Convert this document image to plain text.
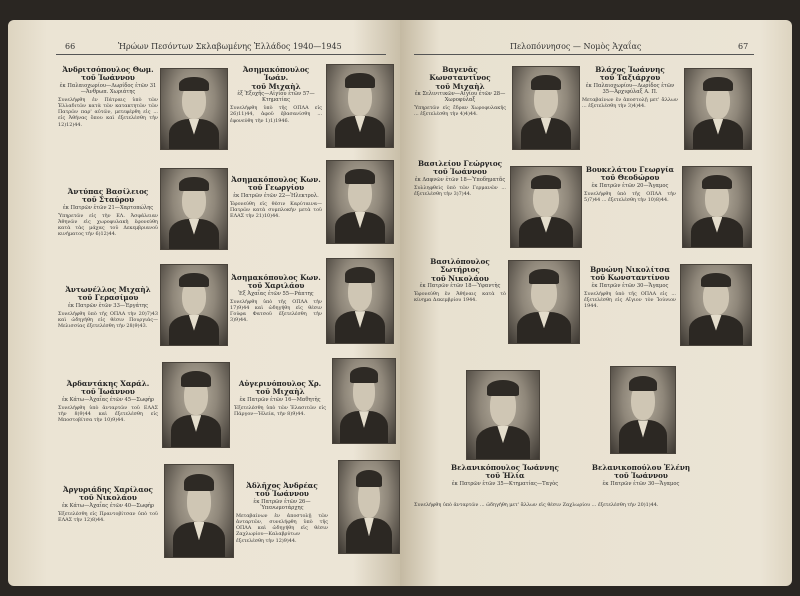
66	Ἡρώων Πεσόντων Σκλαβωμένης Ἑλλάδος 1940—1945
Ἀνδριτσόπουλος Θωμ.
τοῦ Ἰωάννου
ἐκ Παλαιοχωρίου—Δωρίδος ἐτῶν 31—Ἀνθρωπ. Χωριάτης
Συνελήφθη ἐν Πάτραις ὑπὸ τῶν Ἑλλαδιτῶν κατὰ τῶν κατακτητῶν τῶν Πατρῶν παρ' αὐτῶν, μετεφέρθη εἰς ... εἰς Ἀθήνας ὅπου καὶ ἐξετελέσθη τὴν 12)12)44.
Ἀσημακόπουλος Ἰωάν.
τοῦ Μιχαὴλ
ἐξ Ἐξοχῆς—Αἰγίου ἐτῶν 57—Κτηματίας
Συνελήφθη ὑπὸ τῆς ΟΠΛΑ εἰς 26)11)44, ἀφοῦ ἐβασανίσθη ... ἐφονεύθη τὴν 1)1)1946.
Ἀντύπας Βασίλειος
τοῦ Σταύρου
ἐκ Πατρῶν ἐτῶν 21—Χαρτοπώλης
Ὑπηρετῶν εἰς τὴν ΕΛ. Ἀσφάλειαν Ἀθηνῶν εἰς χωροφυλακὴ ἐφονεύθη κατὰ τὰς μάχας τοῦ Δεκεμβριανοῦ κινήματος τὴν 6)12)44.
Ἀσημακόπουλος Κων.
τοῦ Γεωργίου
ἐκ Πατρῶν ἐτῶν 22—Ἠλεκτρολ.
Ἐφονεύθη εἰς θέσιν Καρύταινα—Πατρῶν κατὰ συμπλοκὴν μετὰ τοῦ ΕΛΑΣ τὴν 21)10)44.
Ἀντωνέλλος Μιχαὴλ
τοῦ Γερασίμου
ἐκ Πατρῶν ἐτῶν 33—Ἐργάτης
Συνελήφθη ὑπὸ τῆς ΟΠΛΑ τὴν 20)7)43 καὶ ὡδηγήθη εἰς θέσιν Πουργιάς—Μελισσίας ἐξετελέσθη τὴν 28)9)43.
Ἀσημακόπουλος Κων.
τοῦ Χαριλάου
Ἐξ Ἀχαΐας ἐτῶν 55—Ράπτης
Συνελήφθη ὑπὸ τῆς ΟΠΛΑ τὴν 17)9)44 καὶ ὡδηγήθη εἰς θέσιν Γούφα Φατσοῦ ἐξετελέσθη τὴν 3)9)44.
Ἀρδαντάκης Χαράλ.
τοῦ Ἰωάννου
ἐκ Κάτω—Ἀχαΐας ἐτῶν 45—Σωφὴρ
Συνελήφθη ὑπὸ ἀνταρτῶν τοῦ ΕΛΑΣ τὴν 8)9)44 καὶ ἐξετελέσθη εἰς Μποστοβίτσα τὴν 10)9)44.
Αὐγερινόπουλος Χρ.
τοῦ Μιχαὴλ
ἐκ Πατρῶν ἐτῶν 16—Μαθητὴς
Ἐξετελέσθη ὑπὸ τῶν Ἐλασιτῶν εἰς Πάργον—Ἠλεία, τὴν 8)9)44.
Ἀργυριάδης Χαρίλαος
τοῦ Νικολάου
ἐκ Κάτω—Ἀχαΐας ἐτῶν 40—Σωφὴρ
Ἐξετελέσθη εἰς Πραντοβίτσαν ὑπὸ τοῦ ΕΛΑΣ τὴν 12)8)44.
Ἀδλῆχος Ἀνδρέας
τοῦ Ἰωάννου
ἐκ Πατρῶν ἐτῶν 26—Ὑπενωμοτάρχης
Μεταβαίνων ἐν ἀποστολῇ τῶν ἀνταρτῶν, συνελήφθη ὑπὸ τῆς ΟΠΛΑ καὶ ὡδηγήθη εἰς θέσιν Ζαχλωρίου—Καλαβρύτων ἐξετελέσθη τὴν 12)9)44.
Πελοπόννησος — Νομὸς Ἀχαΐας	67
Βαγενᾶς Κωνσταντῖνος
τοῦ Μιχαὴλ
ἐκ Σελινιτικῶν—Αἰγίου ἐτῶν 28—Χωροφύλαξ
Ὑπηρετῶν εἰς ἔδραν Χωροφυλακῆς ... ἐξετελέσθη τὴν 4)4)44.
Βλάχος Ἰωάννης
τοῦ Ταξιάρχου
ἐκ Παλαιοχωρίου—Δωρίδος ἐτῶν 35—Ἀρχιφύλαξ Α. Π.
Μεταβαίνων ἐν ἀποστολῇ μετ' ἄλλων ... ἐξετελέσθη τὴν 3)4)44.
Βασιλείου Γεώργιος
τοῦ Ἰωάννου
ἐκ Δαφνῶν ἐτῶν 18—Ὑποδηματᾶς
Συλληφθεὶς ὑπὸ τῶν Γερμανῶν ... ἐξετελέσθη τὴν 3)7)44.
Βουκελάτου Γεωργία
τοῦ Θεοδώρου
ἐκ Πατρῶν ἐτῶν 20—Ἄγαμος
Συνελήφθη ὑπὸ τῆς ΟΠΛΑ τὴν 5)7)44 ... ἐξετελέσθη τὴν 10)8)44.
Βασιλόπουλος Σωτήριος
τοῦ Νικολάου
ἐκ Πατρῶν ἐτῶν 18—Ὑφαντὴς
Ἐφονεύθη ἐν Ἀθήναις κατὰ τὸ κίνημα Δεκεμβρίου 1944.
Βρυώνη Νικολίτσα
τοῦ Κωνσταντίνου
ἐκ Πατρῶν ἐτῶν 30—Ἄγαμος
Συνελήφθη ὑπὸ τῆς ΟΠΛΑ εἰς ... ἐξετελέσθη εἰς Αἴγιον τὸν Ἰούνιον 1944.
Βελανικόπουλος Ἰωάννης
τοῦ Ἠλία
ἐκ Πατρῶν ἐτῶν 35—Κτηματίας—Ταγὸς
Βελανικοπούλου Ἑλένη
τοῦ Ἰωάννου
ἐκ Πατρῶν ἐτῶν 30—Ἄγαμος
Συνελήφθη ὑπὸ ἀνταρτῶν ... ὡδηγήθη μετ' ἄλλων εἰς θέσιν Ζαχλωρίου ... ἐξετελέσθη τὴν 20)1)44.
